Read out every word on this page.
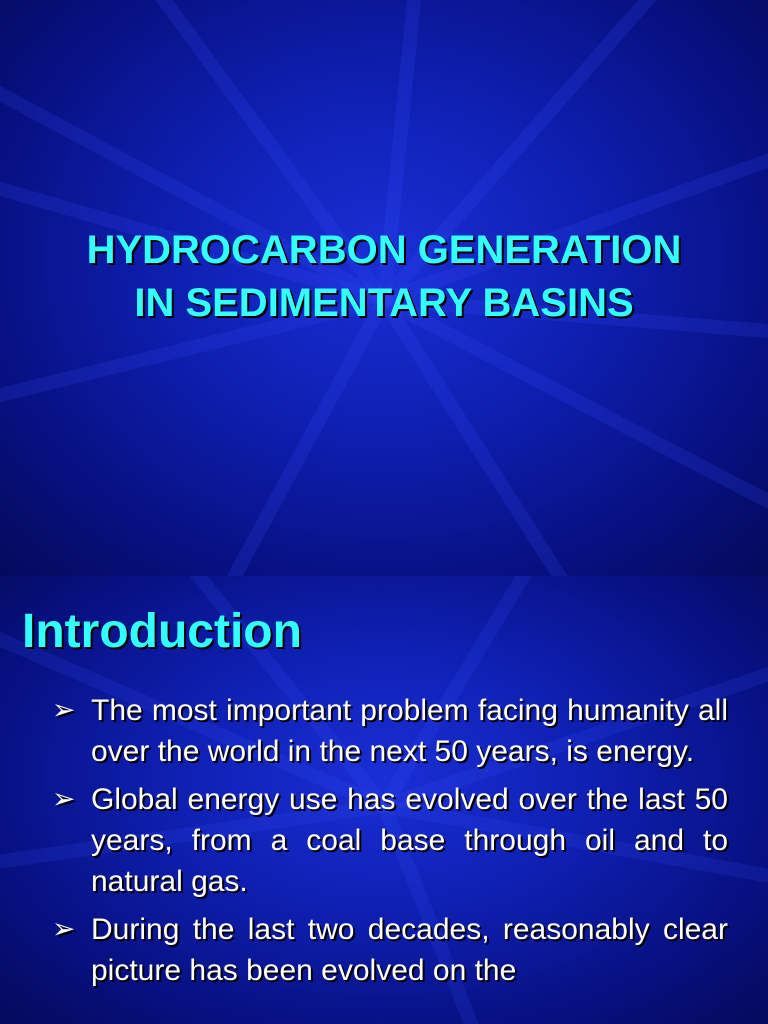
HYDROCARBON GENERATION
IN SEDIMENTARY BASINS
Introduction
➢ The most important problem facing humanity all over the world in the next 50 years, is energy.
➢ Global energy use has evolved over the last 50 years, from a coal base through oil and to natural gas.
➢ During the last two decades, reasonably clear picture has been evolved on the
